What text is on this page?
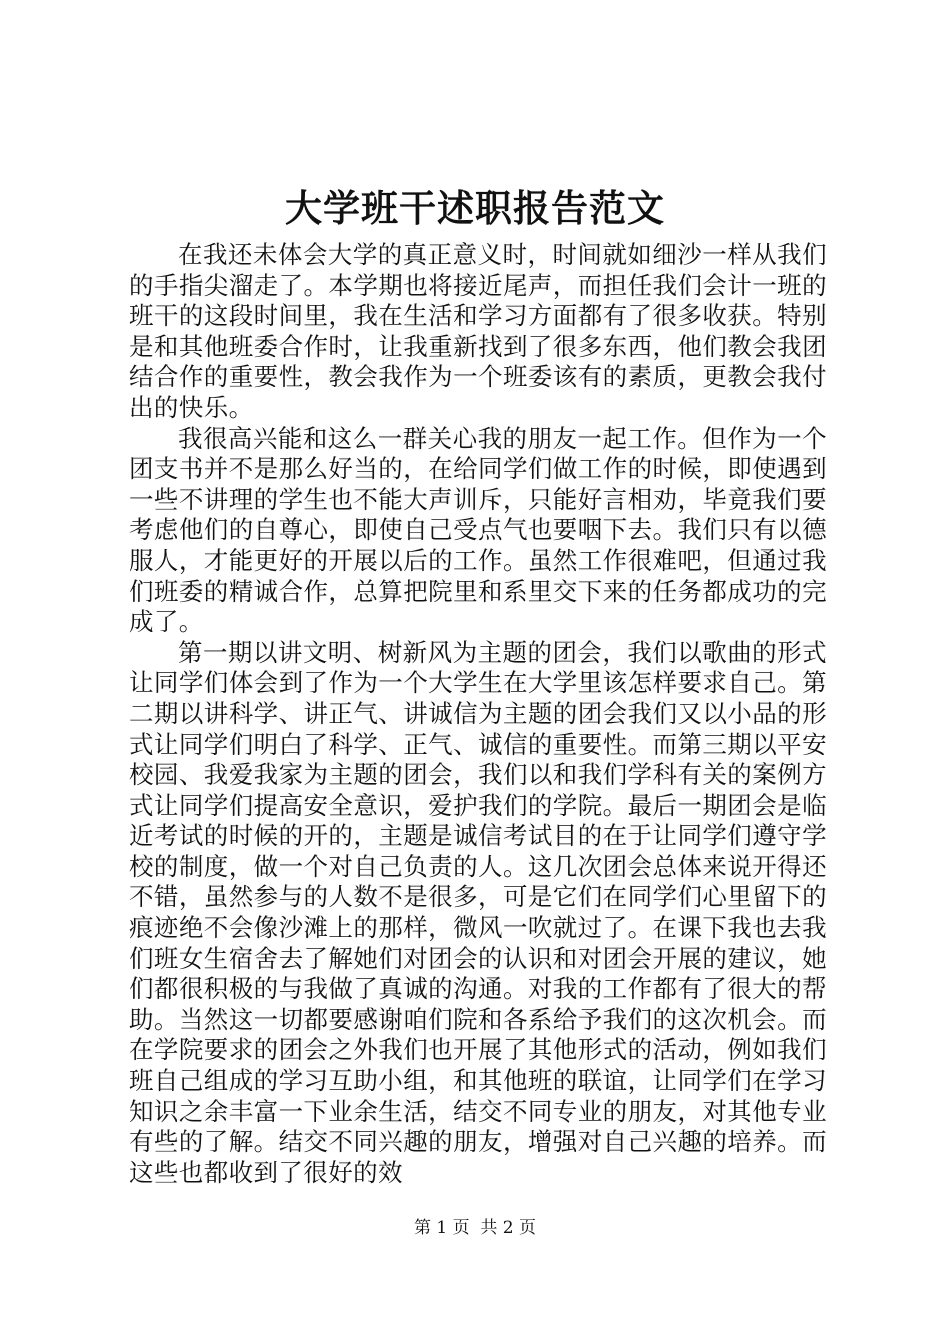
大学班干述职报告范文

在我还未体会大学的真正意义时，时间就如细沙一样从我们的手指尖溜走了。本学期也将接近尾声，而担任我们会计一班的班干的这段时间里，我在生活和学习方面都有了很多收获。特别是和其他班委合作时，让我重新找到了很多东西，他们教会我团结合作的重要性，教会我作为一个班委该有的素质，更教会我付出的快乐。

我很高兴能和这么一群关心我的朋友一起工作。但作为一个团支书并不是那么好当的，在给同学们做工作的时候，即使遇到一些不讲理的学生也不能大声训斥，只能好言相劝，毕竟我们要考虑他们的自尊心，即使自己受点气也要咽下去。我们只有以德服人，才能更好的开展以后的工作。虽然工作很难吧，但通过我们班委的精诚合作，总算把院里和系里交下来的任务都成功的完成了。

第一期以讲文明、树新风为主题的团会，我们以歌曲的形式让同学们体会到了作为一个大学生在大学里该怎样要求自己。第二期以讲科学、讲正气、讲诚信为主题的团会我们又以小品的形式让同学们明白了科学、正气、诚信的重要性。而第三期以平安校园、我爱我家为主题的团会，我们以和我们学科有关的案例方式让同学们提高安全意识，爱护我们的学院。最后一期团会是临近考试的时候的开的，主题是诚信考试目的在于让同学们遵守学校的制度，做一个对自己负责的人。这几次团会总体来说开得还不错，虽然参与的人数不是很多，可是它们在同学们心里留下的痕迹绝不会像沙滩上的那样，微风一吹就过了。在课下我也去我们班女生宿舍去了解她们对团会的认识和对团会开展的建议，她们都很积极的与我做了真诚的沟通。对我的工作都有了很大的帮助。当然这一切都要感谢咱们院和各系给予我们的这次机会。而在学院要求的团会之外我们也开展了其他形式的活动，例如我们班自己组成的学习互助小组，和其他班的联谊，让同学们在学习知识之余丰富一下业余生活，结交不同专业的朋友，对其他专业有些的了解。结交不同兴趣的朋友，增强对自己兴趣的培养。而这些也都收到了很好的效

第 1 页  共 2 页
